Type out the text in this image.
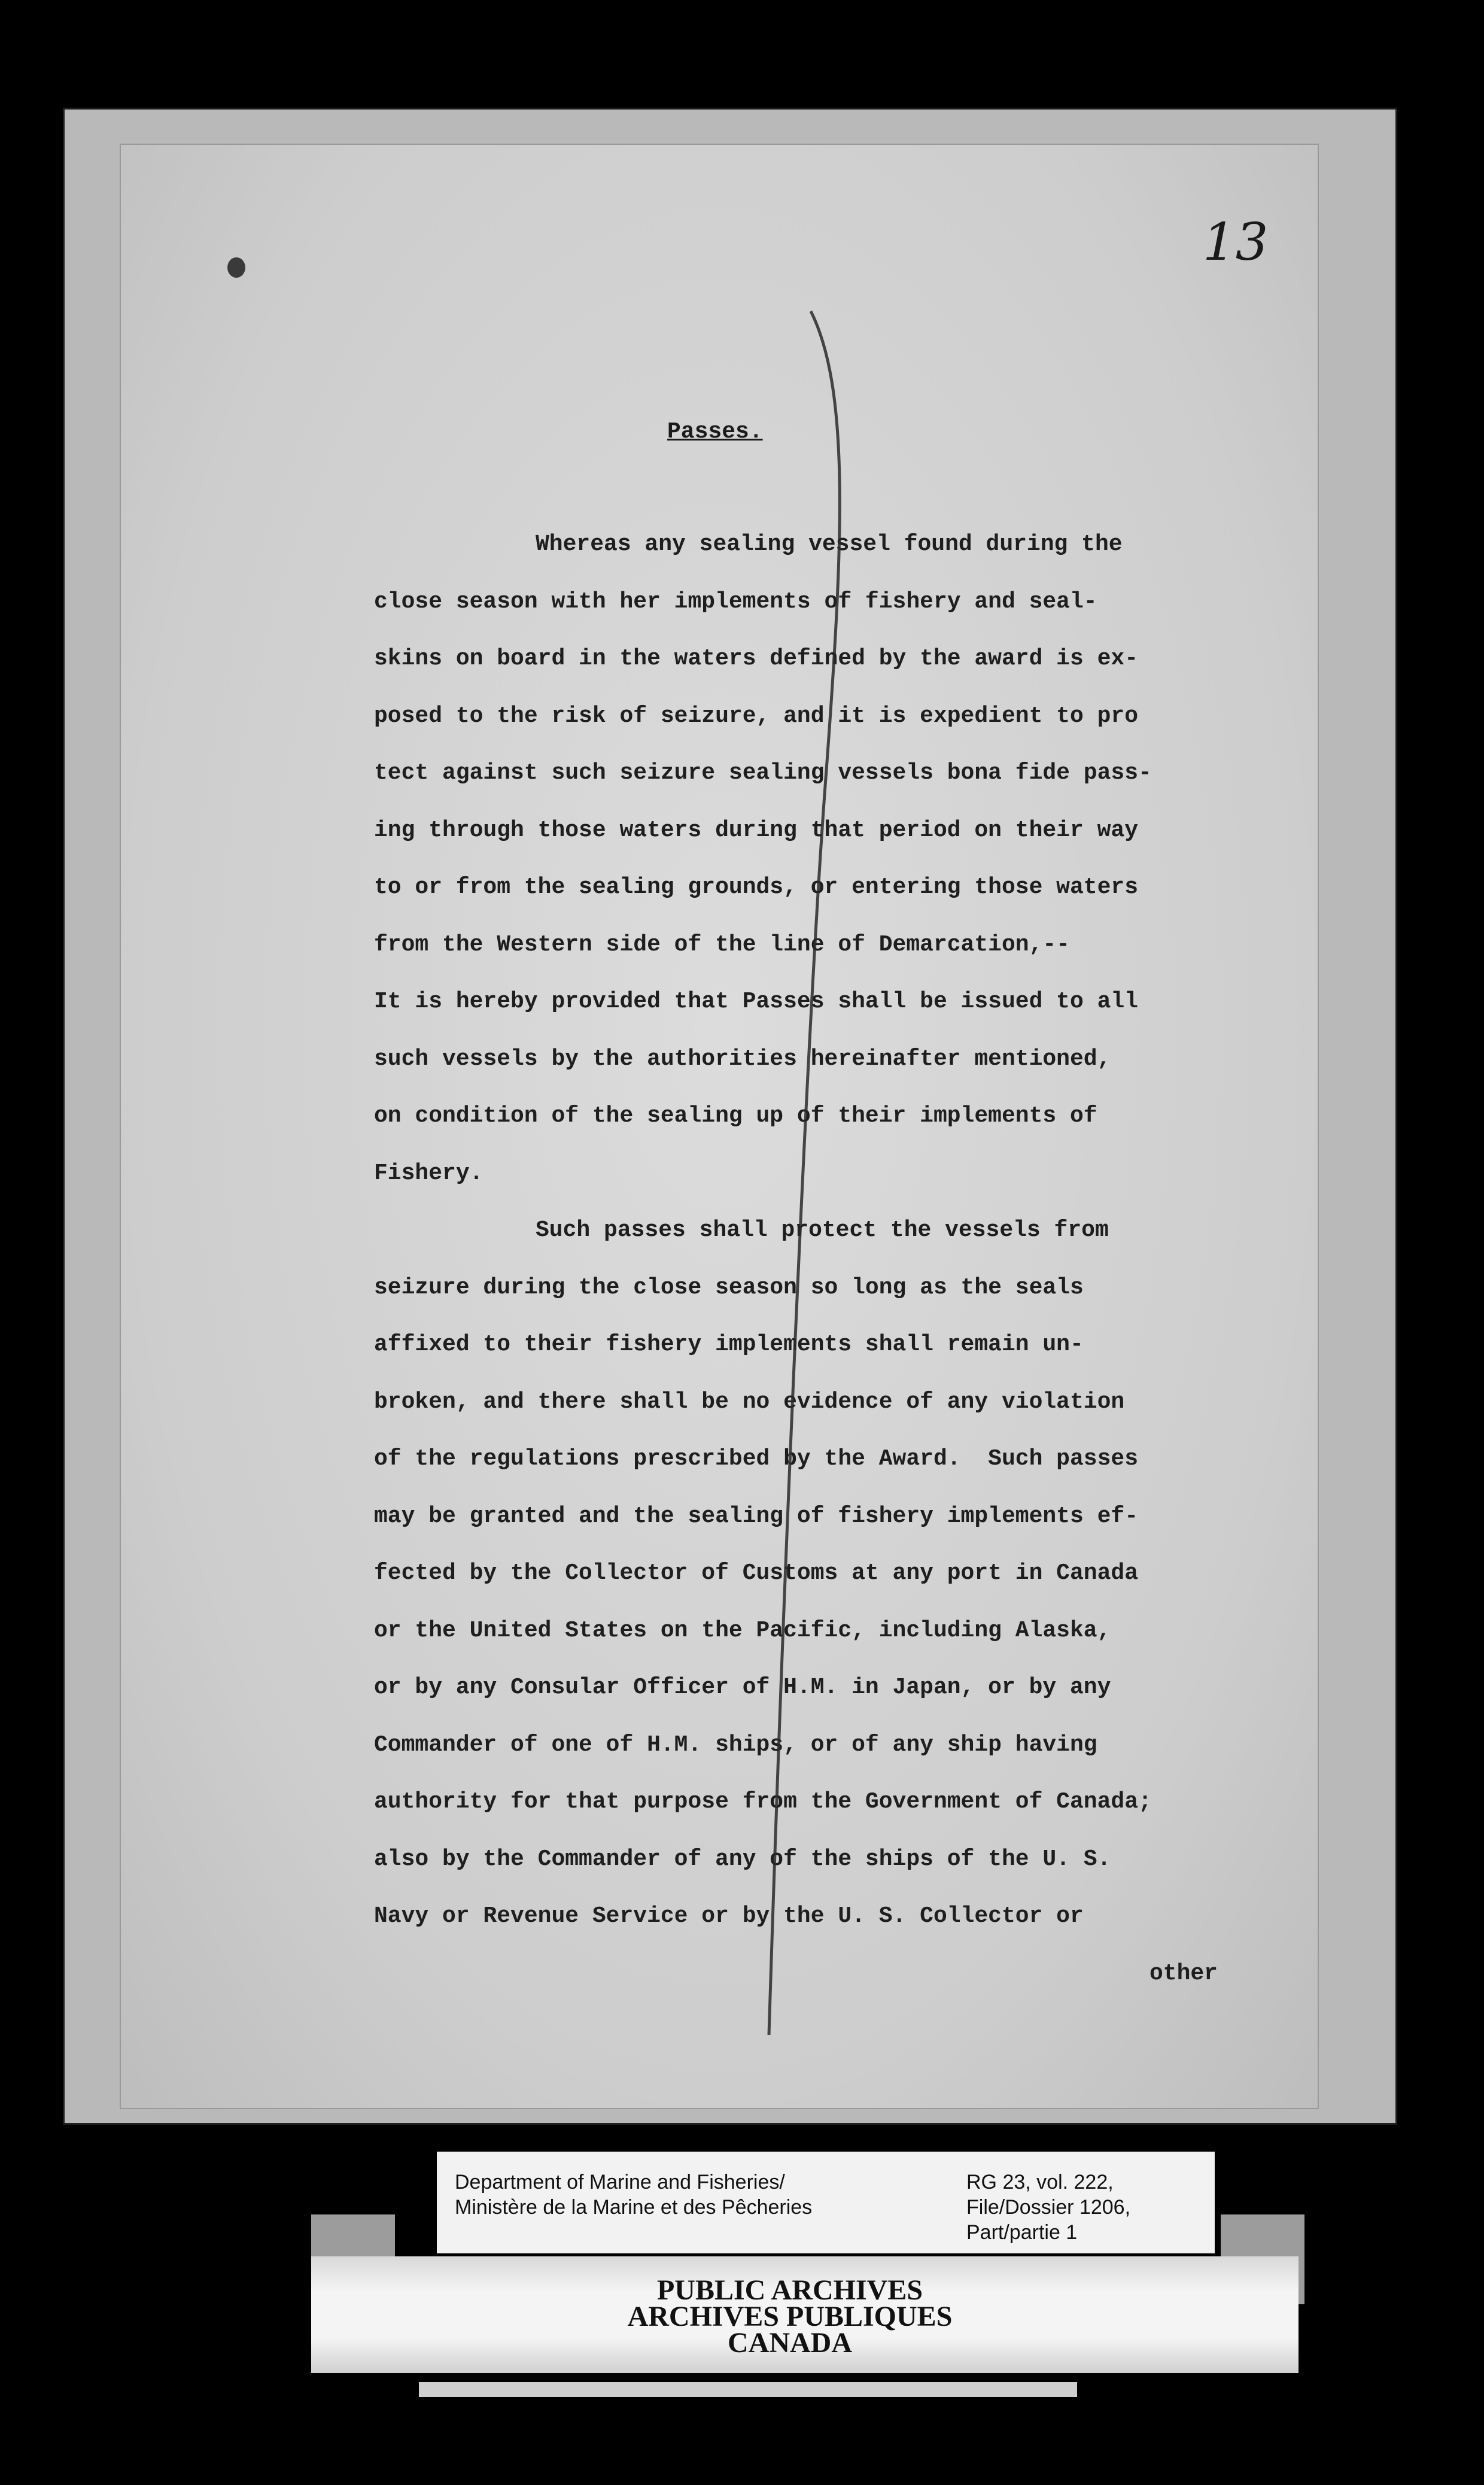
13
Passes.
Whereas any sealing vessel found during the
close season with her implements of fishery and seal-
skins on board in the waters defined by the award is ex-
posed to the risk of seizure, and it is expedient to pro
tect against such seizure sealing vessels bona fide pass-
ing through those waters during that period on their way
to or from the sealing grounds, or entering those waters
from the Western side of the line of Demarcation,--
It is hereby provided that Passes shall be issued to all
such vessels by the authorities hereinafter mentioned,
on condition of the sealing up of their implements of
Fishery.
Such passes shall protect the vessels from
seizure during the close season so long as the seals
affixed to their fishery implements shall remain un-
broken, and there shall be no evidence of any violation
of the regulations prescribed by the Award.  Such passes
may be granted and the sealing of fishery implements ef-
fected by the Collector of Customs at any port in Canada
or the United States on the Pacific, including Alaska,
or by any Consular Officer of H.M. in Japan, or by any
Commander of one of H.M. ships, or of any ship having
authority for that purpose from the Government of Canada;
also by the Commander of any of the ships of the U. S.
Navy or Revenue Service or by the U. S. Collector or
other
Department of Marine and Fisheries/
Ministère de la Marine et des Pêcheries
RG 23, vol. 222,
File/Dossier 1206,
Part/partie 1
PUBLIC ARCHIVES
ARCHIVES PUBLIQUES
CANADA
